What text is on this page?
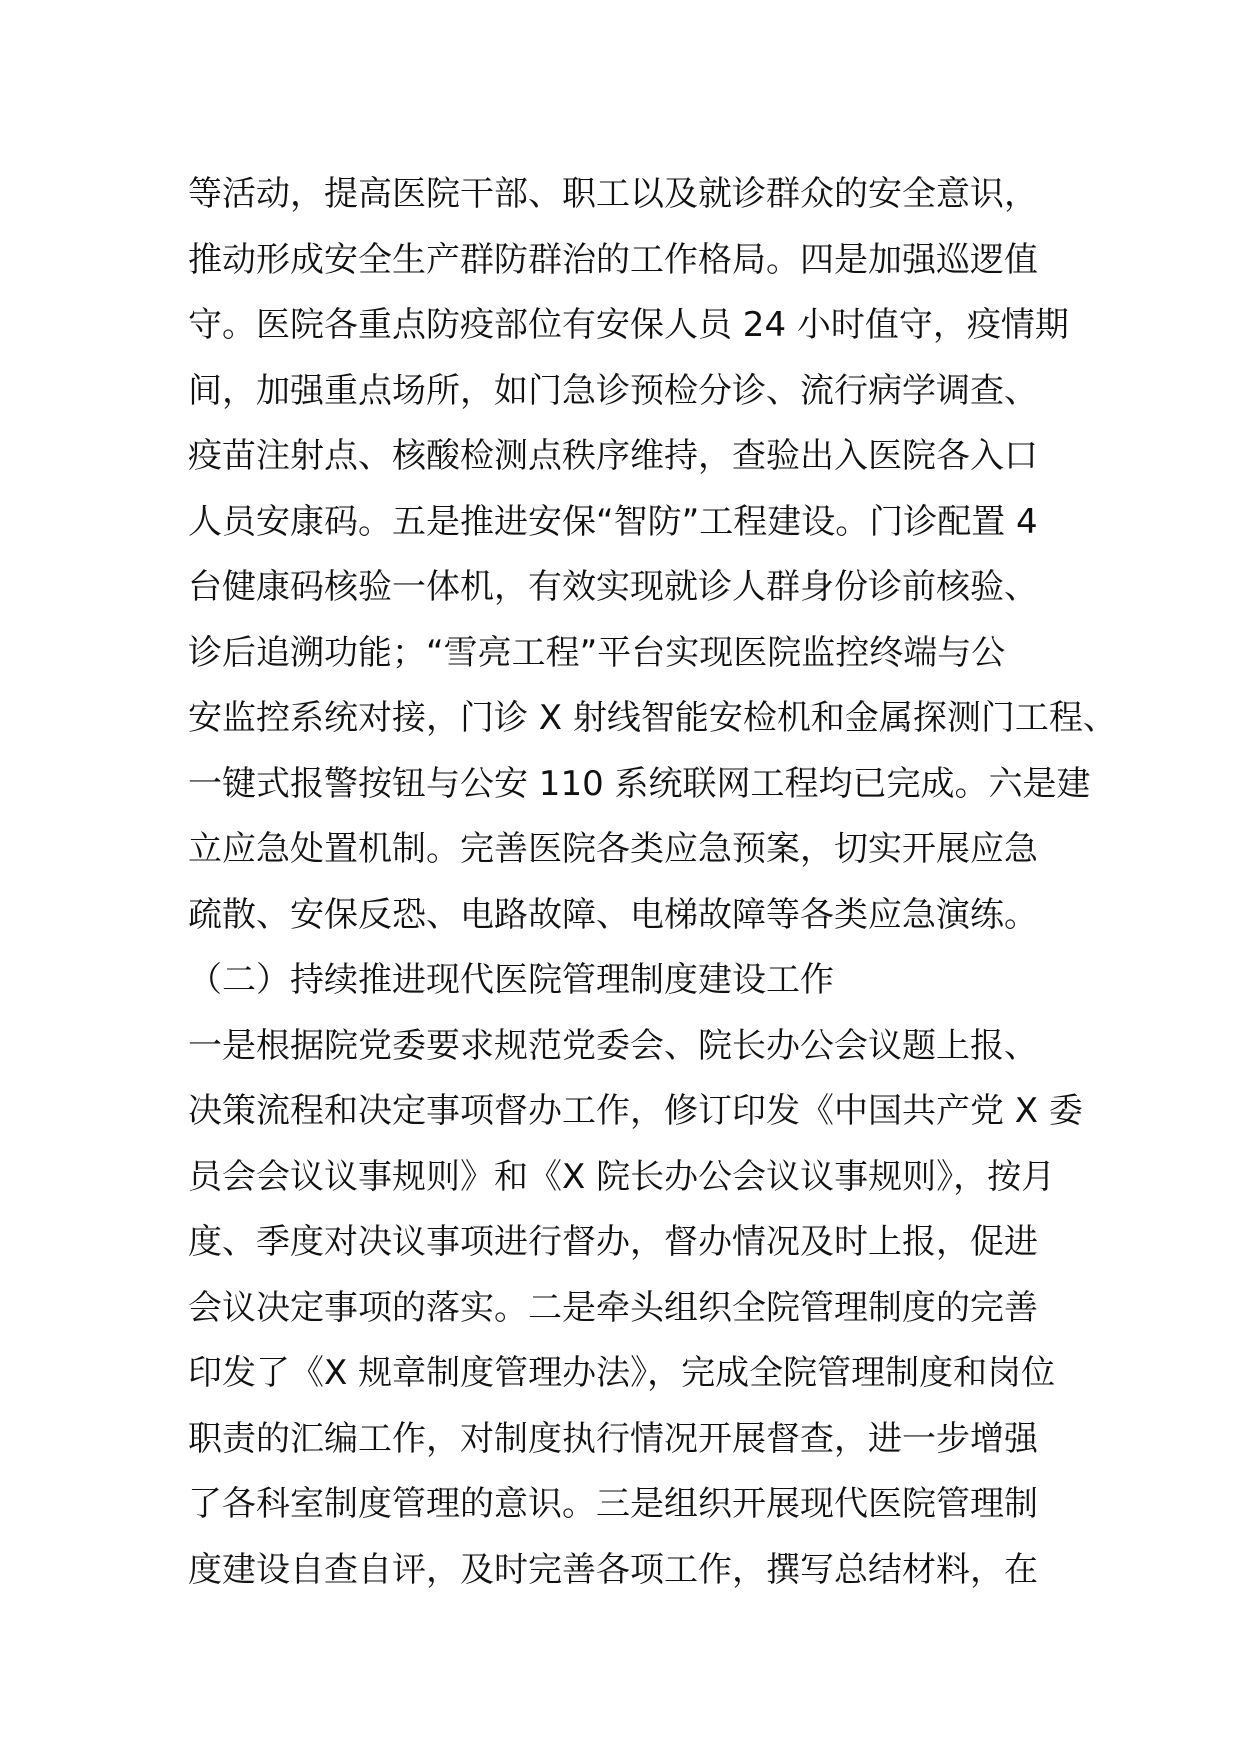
等活动，提高医院干部、职工以及就诊群众的安全意识，
推动形成安全生产群防群治的工作格局。四是加强巡逻值
守。医院各重点防疫部位有安保人员 24 小时值守，疫情期
间，加强重点场所，如门急诊预检分诊、流行病学调查、
疫苗注射点、核酸检测点秩序维持，查验出入医院各入口
人员安康码。五是推进安保“智防”工程建设。门诊配置 4
台健康码核验一体机，有效实现就诊人群身份诊前核验、
诊后追溯功能；“雪亮工程”平台实现医院监控终端与公
安监控系统对接，门诊 X 射线智能安检机和金属探测门工程、
一键式报警按钮与公安 110 系统联网工程均已完成。六是建
立应急处置机制。完善医院各类应急预案，切实开展应急
疏散、安保反恐、电路故障、电梯故障等各类应急演练。
（二）持续推进现代医院管理制度建设工作
一是根据院党委要求规范党委会、院长办公会议题上报、
决策流程和决定事项督办工作，修订印发《中国共产党 X 委
员会会议议事规则》和《X 院长办公会议议事规则》，按月
度、季度对决议事项进行督办，督办情况及时上报，促进
会议决定事项的落实。二是牵头组织全院管理制度的完善
印发了《X 规章制度管理办法》，完成全院管理制度和岗位
职责的汇编工作，对制度执行情况开展督查，进一步增强
了各科室制度管理的意识。三是组织开展现代医院管理制
度建设自查自评，及时完善各项工作，撰写总结材料，在
